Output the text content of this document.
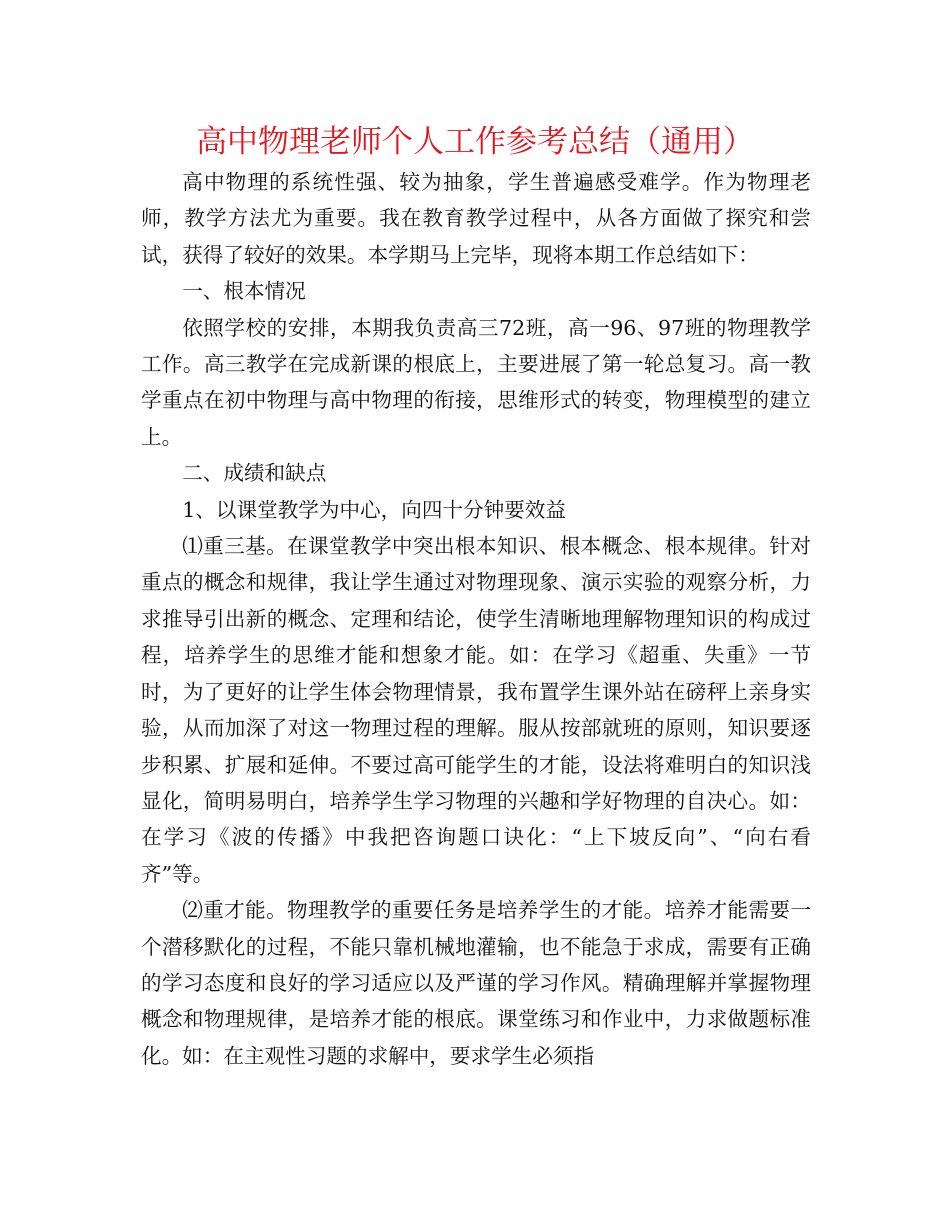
高中物理老师个人工作参考总结（通用）

高中物理的系统性强、较为抽象，学生普遍感受难学。作为物理老师，教学方法尤为重要。我在教育教学过程中，从各方面做了探究和尝试，获得了较好的效果。本学期马上完毕，现将本期工作总结如下：

一、根本情况

依照学校的安排，本期我负责高三72班，高一96、97班的物理教学工作。高三教学在完成新课的根底上，主要进展了第一轮总复习。高一教学重点在初中物理与高中物理的衔接，思维形式的转变，物理模型的建立上。

二、成绩和缺点

1、以课堂教学为中心，向四十分钟要效益

⑴重三基。在课堂教学中突出根本知识、根本概念、根本规律。针对重点的概念和规律，我让学生通过对物理现象、演示实验的观察分析，力求推导引出新的概念、定理和结论，使学生清晰地理解物理知识的构成过程，培养学生的思维才能和想象才能。如：在学习《超重、失重》一节时，为了更好的让学生体会物理情景，我布置学生课外站在磅秤上亲身实验，从而加深了对这一物理过程的理解。服从按部就班的原则，知识要逐步积累、扩展和延伸。不要过高可能学生的才能，设法将难明白的知识浅显化，简明易明白，培养学生学习物理的兴趣和学好物理的自决心。如：在学习《波的传播》中我把咨询题口诀化：“上下坡反向”、“向右看齐”等。

⑵重才能。物理教学的重要任务是培养学生的才能。培养才能需要一个潜移默化的过程，不能只靠机械地灌输，也不能急于求成，需要有正确的学习态度和良好的学习适应以及严谨的学习作风。精确理解并掌握物理概念和物理规律，是培养才能的根底。课堂练习和作业中，力求做题标准化。如：在主观性习题的求解中，要求学生必须指
